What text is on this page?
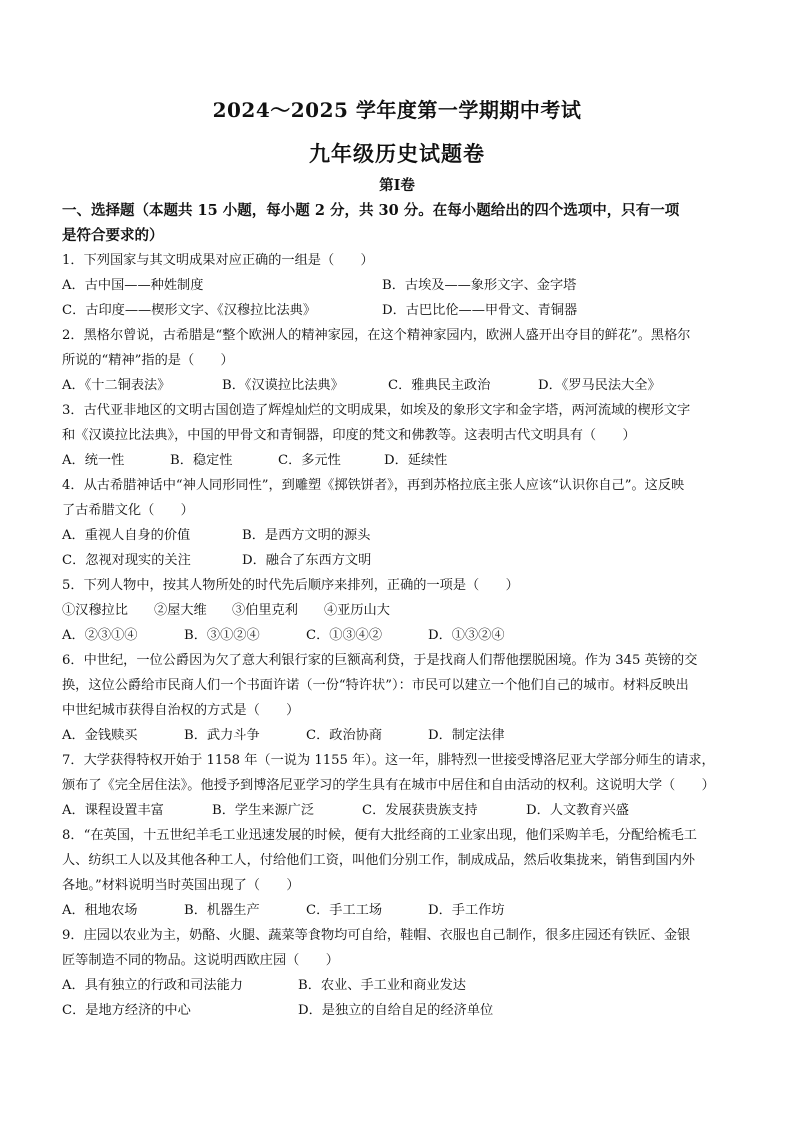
2024～2025 学年度第一学期期中考试
九年级历史试题卷
第Ⅰ卷
一、选择题（本题共 15 小题，每小题 2 分，共 30 分。在每小题给出的四个选项中，只有一项
是符合要求的）
1．下列国家与其文明成果对应正确的一组是（　　）
A．古中国——种姓制度	B．古埃及——象形文字、金字塔
C．古印度——楔形文字、《汉穆拉比法典》	D．古巴比伦——甲骨文、青铜器
2．黑格尔曾说，古希腊是“整个欧洲人的精神家园，在这个精神家园内，欧洲人盛开出夺目的鲜花”。黑格尔
所说的“精神”指的是（　　）
A．《十二铜表法》	B．《汉谟拉比法典》	C．雅典民主政治	D．《罗马民法大全》
3．古代亚非地区的文明古国创造了辉煌灿烂的文明成果，如埃及的象形文字和金字塔，两河流域的楔形文字
和《汉谟拉比法典》，中国的甲骨文和青铜器，印度的梵文和佛教等。这表明古代文明具有（　　）
A．统一性	B．稳定性	C．多元性	D．延续性
4．从古希腊神话中“神人同形同性”，到雕塑《掷铁饼者》，再到苏格拉底主张人应该“认识你自己”。这反映
了古希腊文化（　　）
A．重视人自身的价值	B．是西方文明的源头
C．忽视对现实的关注	D．融合了东西方文明
5．下列人物中，按其人物所处的时代先后顺序来排列，正确的一项是（　　）
①汉穆拉比	②屋大维	③伯里克利	④亚历山大
A．②③①④	B．③①②④	C．①③④②	D．①③②④
6．中世纪，一位公爵因为欠了意大利银行家的巨额高利贷，于是找商人们帮他摆脱困境。作为 345 英镑的交
换，这位公爵给市民商人们一个书面许诺（一份“特许状”）：市民可以建立一个他们自己的城市。材料反映出
中世纪城市获得自治权的方式是（　　）
A．金钱赎买	B．武力斗争	C．政治协商	D．制定法律
7．大学获得特权开始于 1158 年（一说为 1155 年）。这一年，腓特烈一世接受博洛尼亚大学部分师生的请求，
颁布了《完全居住法》。他授予到博洛尼亚学习的学生具有在城市中居住和自由活动的权利。这说明大学（　　）
A．课程设置丰富	B．学生来源广泛	C．发展获贵族支持	D．人文教育兴盛
8．“在英国，十五世纪羊毛工业迅速发展的时候，便有大批经商的工业家出现，他们采购羊毛，分配给梳毛工
人、纺织工人以及其他各种工人，付给他们工资，叫他们分别工作，制成成品，然后收集拢来，销售到国内外
各地。”材料说明当时英国出现了（　　）
A．租地农场	B．机器生产	C．手工工场	D．手工作坊
9．庄园以农业为主，奶酪、火腿、蔬菜等食物均可自给，鞋帽、衣服也自己制作，很多庄园还有铁匠、金银
匠等制造不同的物品。这说明西欧庄园（　　）
A．具有独立的行政和司法能力	B．农业、手工业和商业发达
C．是地方经济的中心	D．是独立的自给自足的经济单位
